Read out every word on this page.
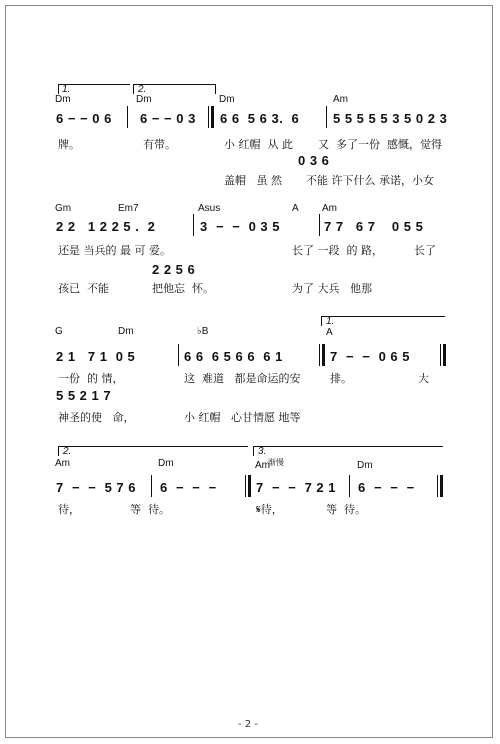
1.	2.
Dm	Dm	Dm	Am
6 − − 0 6 6 − − 0 3 6 6  5 6 3.  6	5 5 5 5 5 3 5 0 2 3
牌。	有带。	小 红帽  从 此 又  多了一份  感慨，觉得
0 3 6
盖帽   虽 然 不能 许下什么 承诺，小女
Gm	Em7	Asus	A Am
2 2   1 2 2 5 .  2	3  −  −  0 3 5	7 7   6 7    0 5 5
还是 当兵的 最 可 爱。	长了 一段  的 路，	长了
2 2 5 6
孩已  不能	把他忘  怀。	为了 大兵   他那
1.
G	Dm	♭B	A
2 1   7 1  0 5	6 6  6 5 6 6  6 1	7  −  −  0 6 5
一份  的 情，	这  难道   都是命运的安	排。	大
5 5 2 1 7
神圣的使   命，	小 红帽   心甘情愿 地等
2.	3.
渐慢
Am	Dm	Am	Dm
7  −  −  5 7 6 6  −  −  −	7  −  −  7 2 1 6  −  −  −
待，	等  待。	𝄋待，	等  待。
- 2 -
